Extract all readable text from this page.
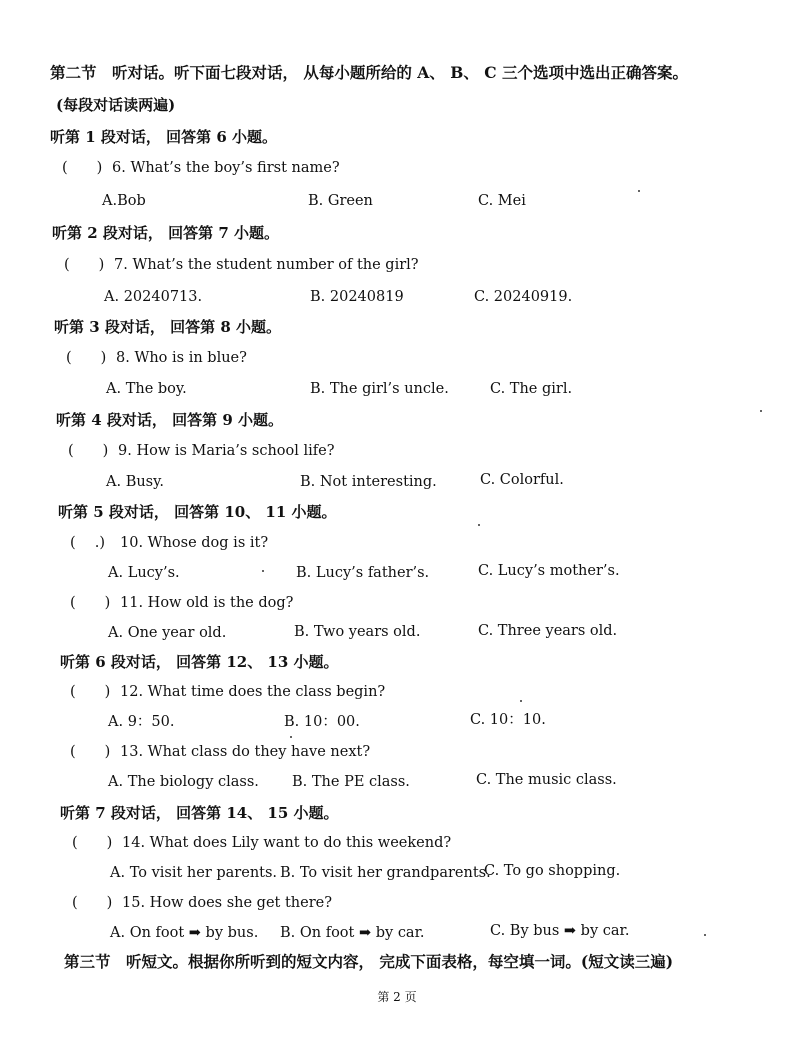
第二节　听对话。听下面七段对话， 从每小题所给的 A、 B、 C 三个选项中选出正确答案。
(每段对话读两遍)
听第 1 段对话， 回答第 6 小题。
(　　) 6. What’s the boy’s first name?
A.Bob	B. Green	C. Mei
听第 2 段对话， 回答第 7 小题。
(　　) 7. What’s the student number of the girl?
A. 20240713.	B. 20240819	C. 20240919.
听第 3 段对话， 回答第 8 小题。
(　　) 8. Who is in blue?
A. The boy.	B. The girl’s uncle.	C. The girl.
听第 4 段对话， 回答第 9 小题。
(　　) 9. How is Maria’s school life?
A. Busy.	B. Not interesting.	C. Colorful.
听第 5 段对话， 回答第 10、 11 小题。
(　 .) 10. Whose dog is it?
A. Lucy’s.	B. Lucy’s father’s.	C. Lucy’s mother’s.
(　　) 11. How old is the dog?
A. One year old.	B. Two years old.	C. Three years old.
听第 6 段对话， 回答第 12、 13 小题。
(　　) 12. What time does the class begin?
A. 9：50.	B. 10：00.	C. 10：10.
(　　) 13. What class do they have next?
A. The biology class. B. The PE class.	C. The music class.
听第 7 段对话， 回答第 14、 15 小题。
(　　) 14. What does Lily want to do this weekend?
A. To visit her parents. B. To visit her grandparents.
C. To go shopping.
(　　) 15. How does she get there?
A. On foot ➡ by bus. B. On foot ➡ by car.	C. By bus ➡ by car.
第三节　听短文。根据你所听到的短文内容， 完成下面表格，每空填一词。(短文读三遍)
第 2 页
